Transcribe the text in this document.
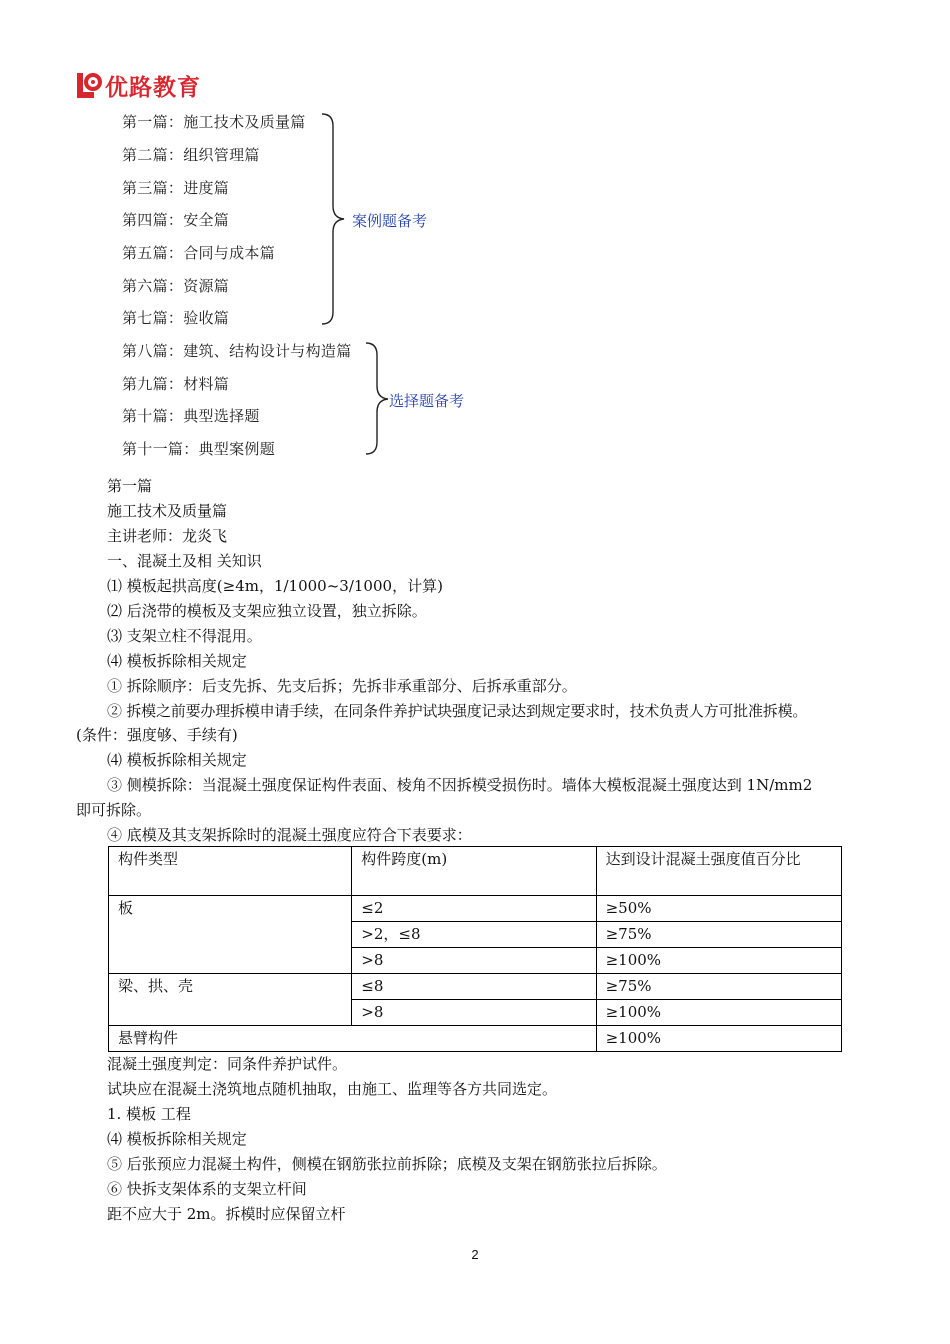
优路教育
第一篇：施工技术及质量篇
第二篇：组织管理篇
第三篇：进度篇
第四篇：安全篇
第五篇：合同与成本篇
第六篇：资源篇
第七篇：验收篇
第八篇：建筑、结构设计与构造篇
第九篇：材料篇
第十篇：典型选择题
第十一篇：典型案例题
案例题备考
选择题备考
第一篇
施工技术及质量篇
主讲老师：龙炎飞
一、混凝土及相 关知识
⑴ 模板起拱高度(≥4m，1/1000~3/1000，计算)
⑵ 后浇带的模板及支架应独立设置，独立拆除。
⑶ 支架立柱不得混用。
⑷ 模板拆除相关规定
① 拆除顺序：后支先拆、先支后拆；先拆非承重部分、后拆承重部分。
② 拆模之前要办理拆模申请手续，在同条件养护试块强度记录达到规定要求时，技术负责人方可批准拆模。
(条件：强度够、手续有)
⑷ 模板拆除相关规定
③ 侧模拆除：当混凝土强度保证构件表面、棱角不因拆模受损伤时。墙体大模板混凝土强度达到 1N/mm2
即可拆除。
④ 底模及其支架拆除时的混凝土强度应符合下表要求：
构件类型	构件跨度(m)	达到设计混凝土强度值百分比
板	≤2	≥50%
	>2，≤8	≥75%
	>8	≥100%
梁、拱、壳	≤8	≥75%
	>8	≥100%
悬臂构件		≥100%
混凝土强度判定：同条件养护试件。
试块应在混凝土浇筑地点随机抽取，由施工、监理等各方共同选定。
1. 模板 工程
⑷ 模板拆除相关规定
⑤ 后张预应力混凝土构件，侧模在钢筋张拉前拆除；底模及支架在钢筋张拉后拆除。
⑥ 快拆支架体系的支架立杆间
距不应大于 2m。拆模时应保留立杆
2
